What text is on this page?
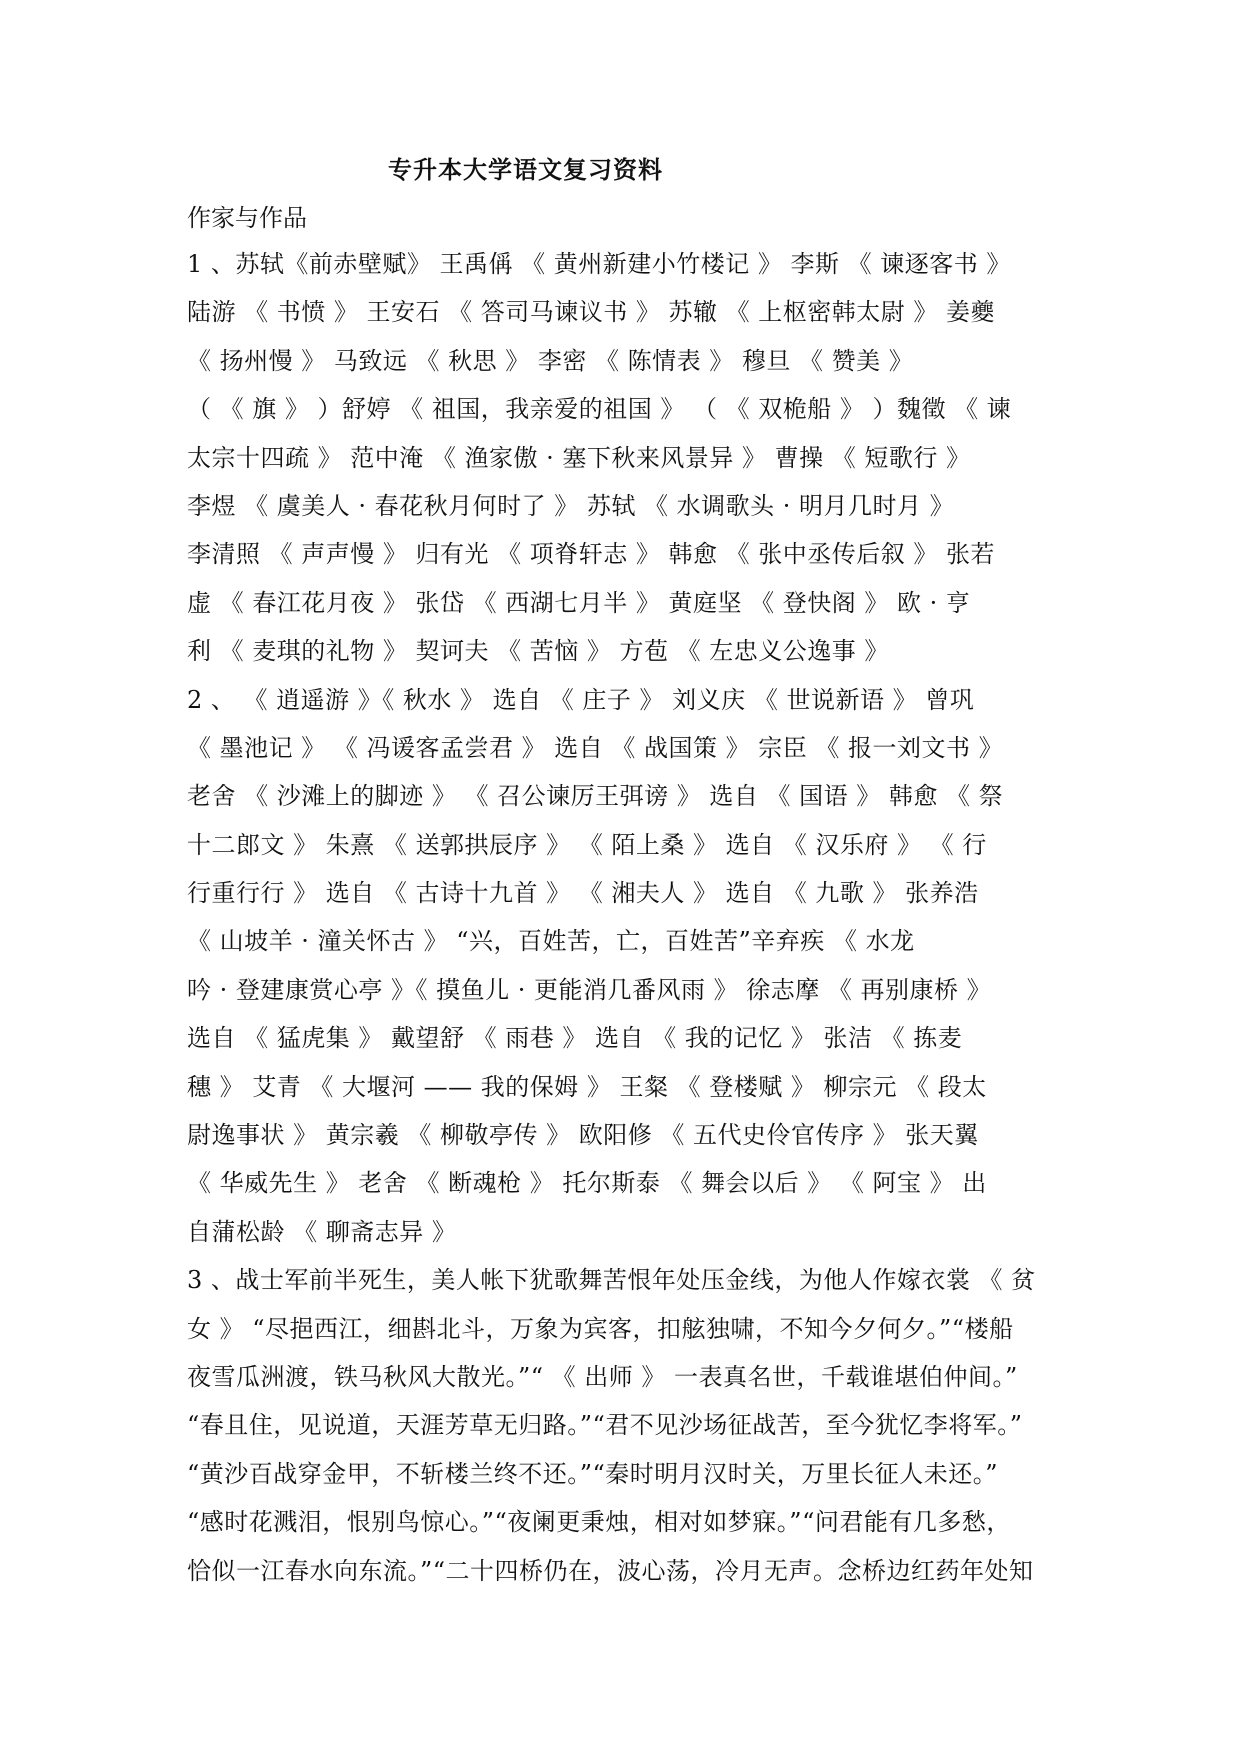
专升本大学语文复习资料
作家与作品
1 、苏轼《前赤壁赋》 王禹偁 《 黄州新建小竹楼记 》 李斯 《 谏逐客书 》
陆游 《 书愤 》 王安石 《 答司马谏议书 》 苏辙 《 上枢密韩太尉 》 姜夔
《 扬州慢 》 马致远 《 秋思 》 李密 《 陈情表 》 穆旦 《 赞美 》
（ 《 旗 》 ）舒婷 《 祖国，我亲爱的祖国 》 （ 《 双桅船 》 ）魏徵 《 谏
太宗十四疏 》 范中淹 《 渔家傲 · 塞下秋来风景异 》 曹操 《 短歌行 》
李煜 《 虞美人 · 春花秋月何时了 》 苏轼 《 水调歌头 · 明月几时月 》
李清照 《 声声慢 》 归有光 《 项脊轩志 》 韩愈 《 张中丞传后叙 》 张若
虚 《 春江花月夜 》 张岱 《 西湖七月半 》 黄庭坚 《 登快阁 》 欧 · 亨
利 《 麦琪的礼物 》 契诃夫 《 苦恼 》 方苞 《 左忠义公逸事 》
2 、 《 逍遥游 》《 秋水 》 选自 《 庄子 》 刘义庆 《 世说新语 》 曾巩
《 墨池记 》 《 冯谖客孟尝君 》 选自 《 战国策 》 宗臣 《 报一刘文书 》
老舍 《 沙滩上的脚迹 》 《 召公谏厉王弭谤 》 选自 《 国语 》 韩愈 《 祭
十二郎文 》 朱熹 《 送郭拱辰序 》 《 陌上桑 》 选自 《 汉乐府 》 《 行
行重行行 》 选自 《 古诗十九首 》 《 湘夫人 》 选自 《 九歌 》 张养浩
《 山坡羊 · 潼关怀古 》 “兴，百姓苦，亡，百姓苦”辛弃疾 《 水龙
吟 · 登建康赏心亭 》《 摸鱼儿 · 更能消几番风雨 》 徐志摩 《 再别康桥 》
选自 《 猛虎集 》 戴望舒 《 雨巷 》 选自 《 我的记忆 》 张洁 《 拣麦
穗 》 艾青 《 大堰河 —— 我的保姆 》 王粲 《 登楼赋 》 柳宗元 《 段太
尉逸事状 》 黄宗羲 《 柳敬亭传 》 欧阳修 《 五代史伶官传序 》 张天翼
《 华威先生 》 老舍 《 断魂枪 》 托尔斯泰 《 舞会以后 》 《 阿宝 》 出
自蒲松龄 《 聊斋志异 》
3 、战士军前半死生，美人帐下犹歌舞苦恨年处压金线，为他人作嫁衣裳 《 贫
女 》 “尽挹西江，细斟北斗，万象为宾客，扣舷独啸，不知今夕何夕。”“楼船
夜雪瓜洲渡，铁马秋风大散光。”“ 《 出师 》 一表真名世，千载谁堪伯仲间。”
“春且住，见说道，天涯芳草无归路。”“君不见沙场征战苦，至今犹忆李将军。”
“黄沙百战穿金甲，不斩楼兰终不还。”“秦时明月汉时关，万里长征人未还。”
“感时花溅泪，恨别鸟惊心。”“夜阑更秉烛，相对如梦寐。”“问君能有几多愁，
恰似一江春水向东流。”“二十四桥仍在，波心荡，冷月无声。念桥边红药年处知
